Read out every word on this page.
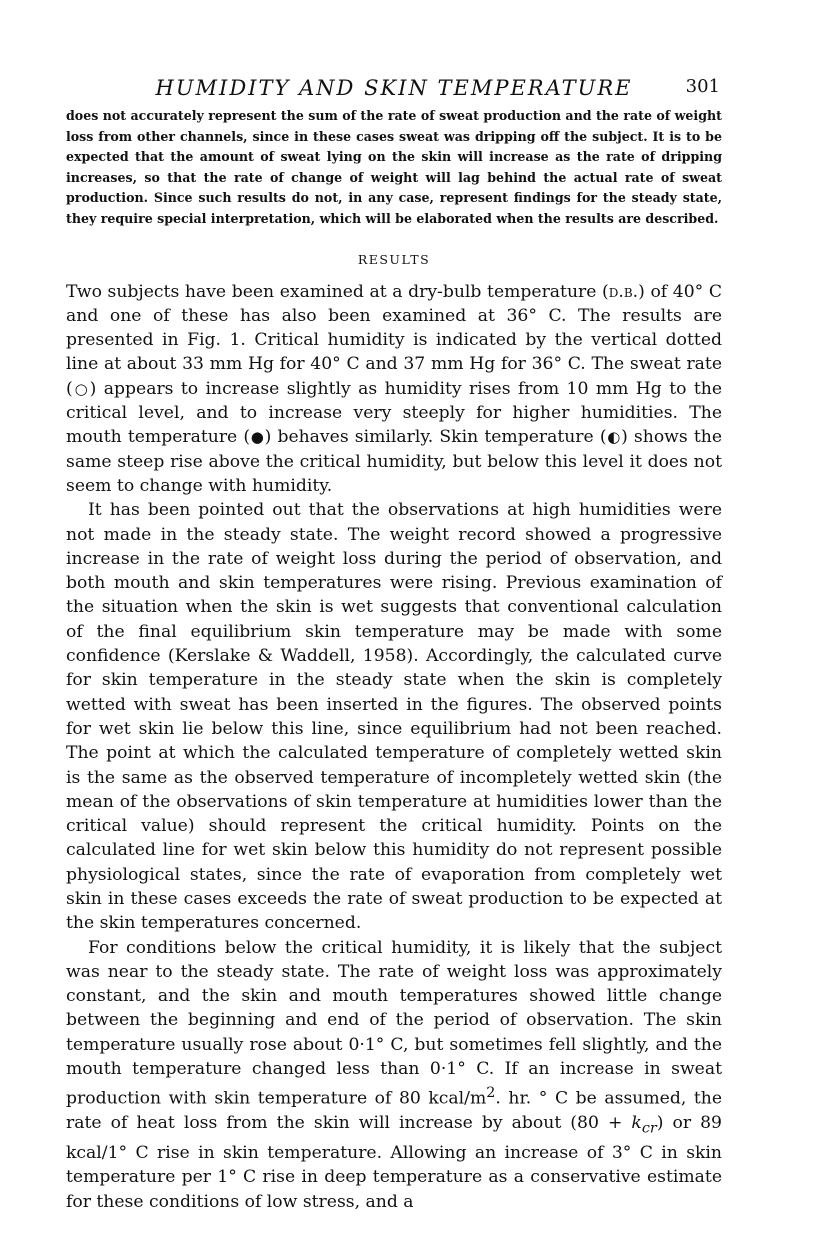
HUMIDITY AND SKIN TEMPERATURE	301

does not accurately represent the sum of the rate of sweat production and the rate of weight loss from other channels, since in these cases sweat was dripping off the subject. It is to be expected that the amount of sweat lying on the skin will increase as the rate of dripping increases, so that the rate of change of weight will lag behind the actual rate of sweat production. Since such results do not, in any case, represent findings for the steady state, they require special interpretation, which will be elaborated when the results are described.

RESULTS

Two subjects have been examined at a dry-bulb temperature (d.b.) of 40° C and one of these has also been examined at 36° C. The results are presented in Fig. 1. Critical humidity is indicated by the vertical dotted line at about 33 mm Hg for 40° C and 37 mm Hg for 36° C. The sweat rate (○) appears to increase slightly as humidity rises from 10 mm Hg to the critical level, and to increase very steeply for higher humidities. The mouth temperature (●) behaves similarly. Skin temperature (◐) shows the same steep rise above the critical humidity, but below this level it does not seem to change with humidity.

It has been pointed out that the observations at high humidities were not made in the steady state. The weight record showed a progressive increase in the rate of weight loss during the period of observation, and both mouth and skin temperatures were rising. Previous examination of the situation when the skin is wet suggests that conventional calculation of the final equilibrium skin temperature may be made with some confidence (Kerslake & Waddell, 1958). Accordingly, the calculated curve for skin temperature in the steady state when the skin is completely wetted with sweat has been inserted in the figures. The observed points for wet skin lie below this line, since equilibrium had not been reached. The point at which the calculated temperature of completely wetted skin is the same as the observed temperature of incompletely wetted skin (the mean of the observations of skin temperature at humidities lower than the critical value) should represent the critical humidity. Points on the calculated line for wet skin below this humidity do not represent possible physiological states, since the rate of evaporation from completely wet skin in these cases exceeds the rate of sweat production to be expected at the skin temperatures concerned.

For conditions below the critical humidity, it is likely that the subject was near to the steady state. The rate of weight loss was approximately constant, and the skin and mouth temperatures showed little change between the beginning and end of the period of observation. The skin temperature usually rose about 0·1° C, but sometimes fell slightly, and the mouth temperature changed less than 0·1° C. If an increase in sweat production with skin temperature of 80 kcal/$m^2$. hr. ° C be assumed, the rate of heat loss from the skin will increase by about $(80 + k_{cr})$ or 89 kcal/1° C rise in skin temperature. Allowing an increase of 3° C in skin temperature per 1° C rise in deep temperature as a conservative estimate for these conditions of low stress, and a
